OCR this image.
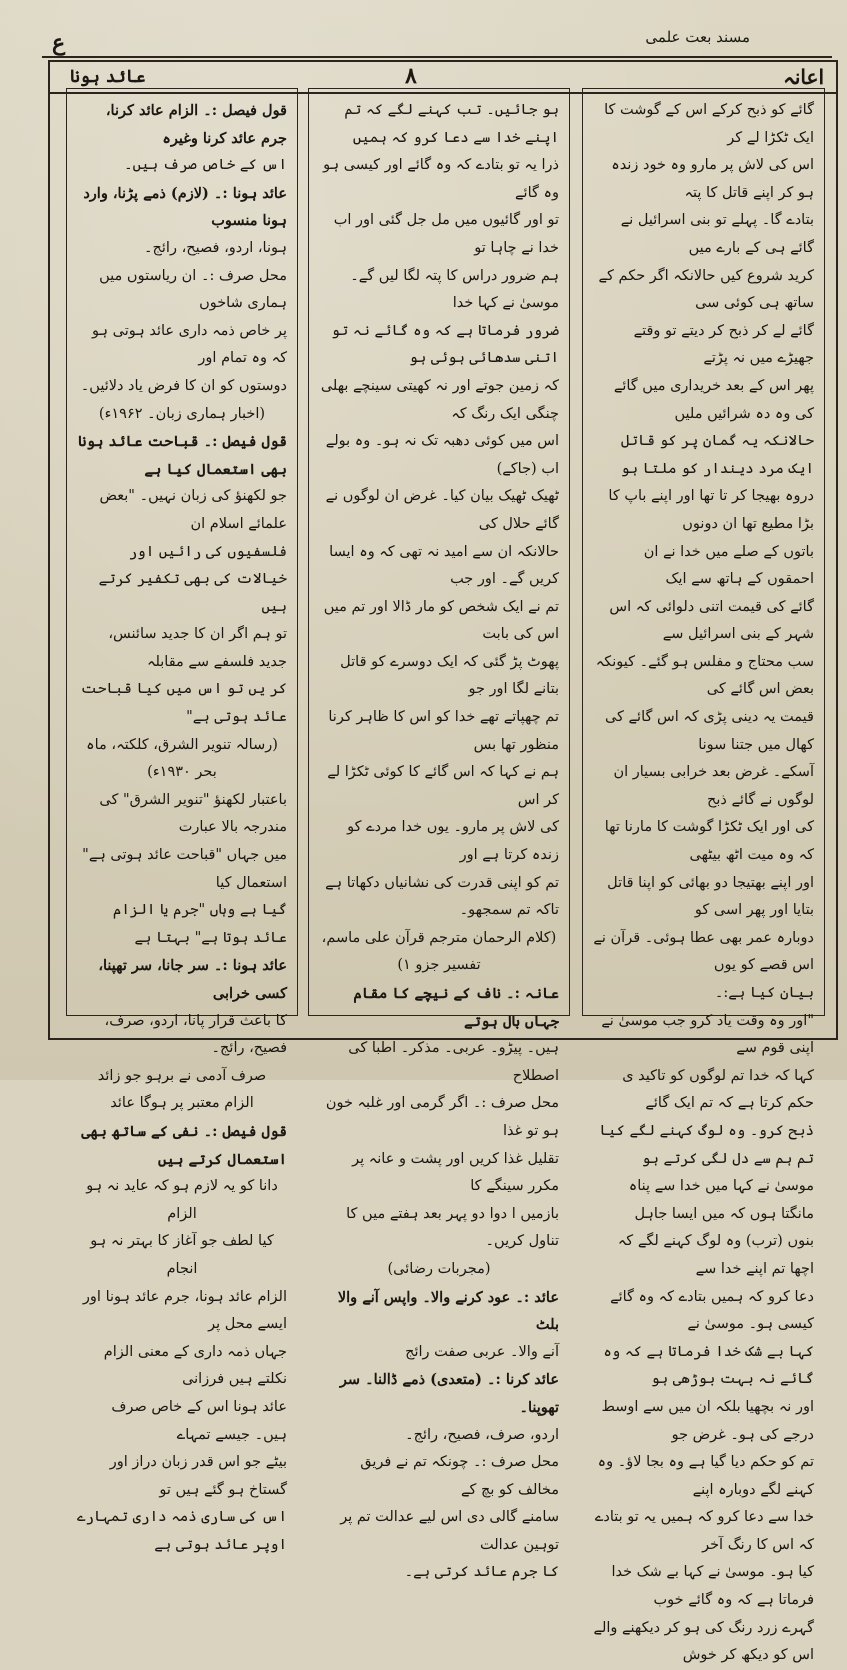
مسند بعت علمی
ع
اعانہ
۸
عائد ہونا

گائے کو ذبح کرکے اس کے گوشت کا ایک ٹکڑا لے کر

اس کی لاش پر مارو وہ خود زندہ ہو کر اپنے قاتل کا پتہ

بتادے گا۔ پہلے تو بنی اسرائیل نے گائے ہی کے بارے میں

کرید شروع کیں حالانکہ اگر حکم کے ساتھ ہی کوئی سی

گائے لے کر ذبح کر دیتے تو وقتے جھیڑے میں نہ پڑتے

پھر اس کے بعد خریداری میں گائے کی وہ دہ شرائیں ملیں

حالانکہ یہ گمان پر کو قاتل ایک مرد دیندار کو ملتا ہو

دروہ بھیجا کر تا تھا اور اپنے باپ کا بڑا مطیع تھا ان دونوں

باتوں کے صلے میں خدا نے ان احمقوں کے ہاتھ سے ایک

گائے کی قیمت اتنی دلوائی کہ اس شہر کے بنی اسرائیل سے

سب محتاج و مفلس ہو گئے۔ کیونکہ بعض اس گائے کی

قیمت یہ دینی پڑی کہ اس گائے کی کھال میں جتنا سونا

آسکے۔ غرض بعد خرابی بسیار ان لوگوں نے گائے ذبح

کی اور ایک ٹکڑا گوشت کا مارنا تھا کہ وہ میت اٹھ بیٹھی

اور اپنے بھتیجا دو بھائی کو اپنا قاتل بتایا اور پھر اسی کو

دوبارہ عمر بھی عطا ہوئی۔ قرآن نے اس قصے کو یوں

بیان کیا ہے:۔

"اور وہ وقت یاد کرو جب موسیٰ نے اپنی قوم سے

کہا کہ خدا تم لوگوں کو تاکید ی حکم کرتا ہے کہ تم ایک گائے

ذبح کرو۔ وہ لوگ کہنے لگے کیا تم ہم سے دل لگی کرتے ہو

موسیٰ نے کہا میں خدا سے پناہ مانگتا ہوں کہ میں ایسا جاہل

بنوں (ترب) وہ لوگ کہنے لگے کہ اچھا تم اپنے خدا سے

دعا کرو کہ ہمیں بتادے کہ وہ گائے کیسی ہو۔ موسیٰ نے

کہا بے شک خدا فرماتا ہے کہ وہ گائے نہ بہت بوڑھی ہو

اور نہ بچھیا بلکہ ان میں سے اوسط درجے کی ہو۔ غرض جو

تم کو حکم دیا گیا ہے وہ بجا لاؤ۔ وہ کہنے لگے دوبارہ اپنے

خدا سے دعا کرو کہ ہمیں یہ تو بتادے کہ اس کا رنگ آخر

کیا ہو۔ موسیٰ نے کہا بے شک خدا فرماتا ہے کہ وہ گائے خوب

گہرے زرد رنگ کی ہو کر دیکھنے والے اس کو دیکھ کر خوش

ہو جائیں۔ تب کہنے لگے کہ تم اپنے خدا سے دعا کرو کہ ہمیں

ذرا یہ تو بتادے کہ وہ گائے اور کیسی ہو وہ گائے

تو اور گائیوں میں مل جل گئی اور اب خدا نے چاہا تو

ہم ضرور دراس کا پتہ لگا لیں گے۔ موسیٰ نے کہا خدا

ضرور فرماتا ہے کہ وہ گائے نہ تو اتنی سدھائی ہوئی ہو

کہ زمین جوتے اور نہ کھیتی سینچے بھلی چنگی ایک رنگ کہ

اس میں کوئی دھبہ تک نہ ہو۔ وہ بولے اب (جاکے)

ٹھیک ٹھیک بیان کیا۔ غرض ان لوگوں نے گائے حلال کی

حالانکہ ان سے امید نہ تھی کہ وہ ایسا کریں گے۔ اور جب

تم نے ایک شخص کو مار ڈالا اور تم میں اس کی بابت

پھوٹ پڑ گئی کہ ایک دوسرے کو قاتل بتانے لگا اور جو

تم چھپاتے تھے خدا کو اس کا ظاہر کرنا منظور تھا بس

ہم نے کہا کہ اس گائے کا کوئی ٹکڑا لے کر اس

کی لاش پر مارو۔ یوں خدا مردے کو زندہ کرتا ہے اور

تم کو اپنی قدرت کی نشانیاں دکھاتا ہے تاکہ تم سمجھو۔

(کلام الرحمان مترجم قرآن علی ماسم، تفسیر جزو ۱)

عانہ :۔ ناف کے نیچے کا مقام جہاں بال ہوتے

ہیں۔ پیڑو۔ عربی۔ مذکر۔ اطبا کی اصطلاح

محل صرف :۔ اگر گرمی اور غلبہ خون ہو تو غذا

تقلیل غذا کریں اور پشت و عانہ پر مکرر سینگے کا

بازمیں ا دوا دو پہر بعد ہفتے میں کا تناول کریں۔

(مجربات رضائی)

عائد :۔ عود کرنے والا۔ واپس آنے والا بلٹ

آنے والا۔ عربی صفت رائج

عائد کرنا :۔ (متعدی) ذمے ڈالنا۔ سر تھوپنا۔

اردو، صرف، فصیح، رائج۔

محل صرف :۔ چونکہ تم نے فریق مخالف کو بچ کے

سامنے گالی دی اس لیے عدالت تم پر توہین عدالت

کا جرم عائد کرتی ہے۔

قول فیصل :۔ الزام عائد کرنا، جرم عائد کرنا وغیرہ

اس کے خاص صرف ہیں۔

عائد ہونا :۔ (لازم) ذمے پڑنا، وارد ہونا منسوب

ہونا، اردو، فصیح، رائج۔

محل صرف :۔ ان ریاستوں میں ہماری شاخوں

پر خاص ذمہ داری عائد ہوتی ہو کہ وہ تمام اور

دوستوں کو ان کا فرض یاد دلائیں۔

(اخبار ہماری زبان۔ ۱۹۶۲ء)

قول فیصل :۔ قباحت عائد ہونا بھی استعمال کیا ہے

جو لکھنؤ کی زبان نہیں۔ "بعض علمائے اسلام ان

فلسفیوں کی رائیں اور خیالات کی بھی تکفیر کرتے ہیں

تو ہم اگر ان کا جدید سائنس، جدید فلسفے سے مقابلہ

کر یں تو اس میں کیا قباحت عائد ہوتی ہے"

(رسالہ تنویر الشرق، کلکتہ، ماہ بحر ۱۹۳۰ء)

باعتبار لکھنؤ "تنویر الشرق" کی مندرجہ بالا عبارت

میں جہاں "قباحت عائد ہوتی ہے" استعمال کیا

گیا ہے وہاں "جرم یا الزام عائد ہوتا ہے" بہتا ہے

عائد ہونا :۔ سر جانا، سر تھپنا، کسی خرابی

کا باعث قرار پانا، اردو، صرف، فصیح، رائج۔

صرف آدمی نے برہو جو زائد

الزام معتبر پر ہوگا عائد

قول فیصل :۔ نفی کے ساتھ بھی استعمال کرتے ہیں

دانا کو یہ لازم ہو کہ عاید نہ ہو الزام

کیا لطف جو آغاز کا بہتر نہ ہو انجام

الزام عائد ہونا، جرم عائد ہونا اور ایسے محل پر

جہاں ذمہ داری کے معنی الزام نکلتے ہیں فرزانی

عائد ہونا اس کے خاص صرف ہیں۔ جیسے تمہاے

بیٹے جو اس قدر زبان دراز اور گستاخ ہو گئے ہیں تو

اس کی ساری ذمہ داری تمہارے اوپر عائد ہوتی ہے
